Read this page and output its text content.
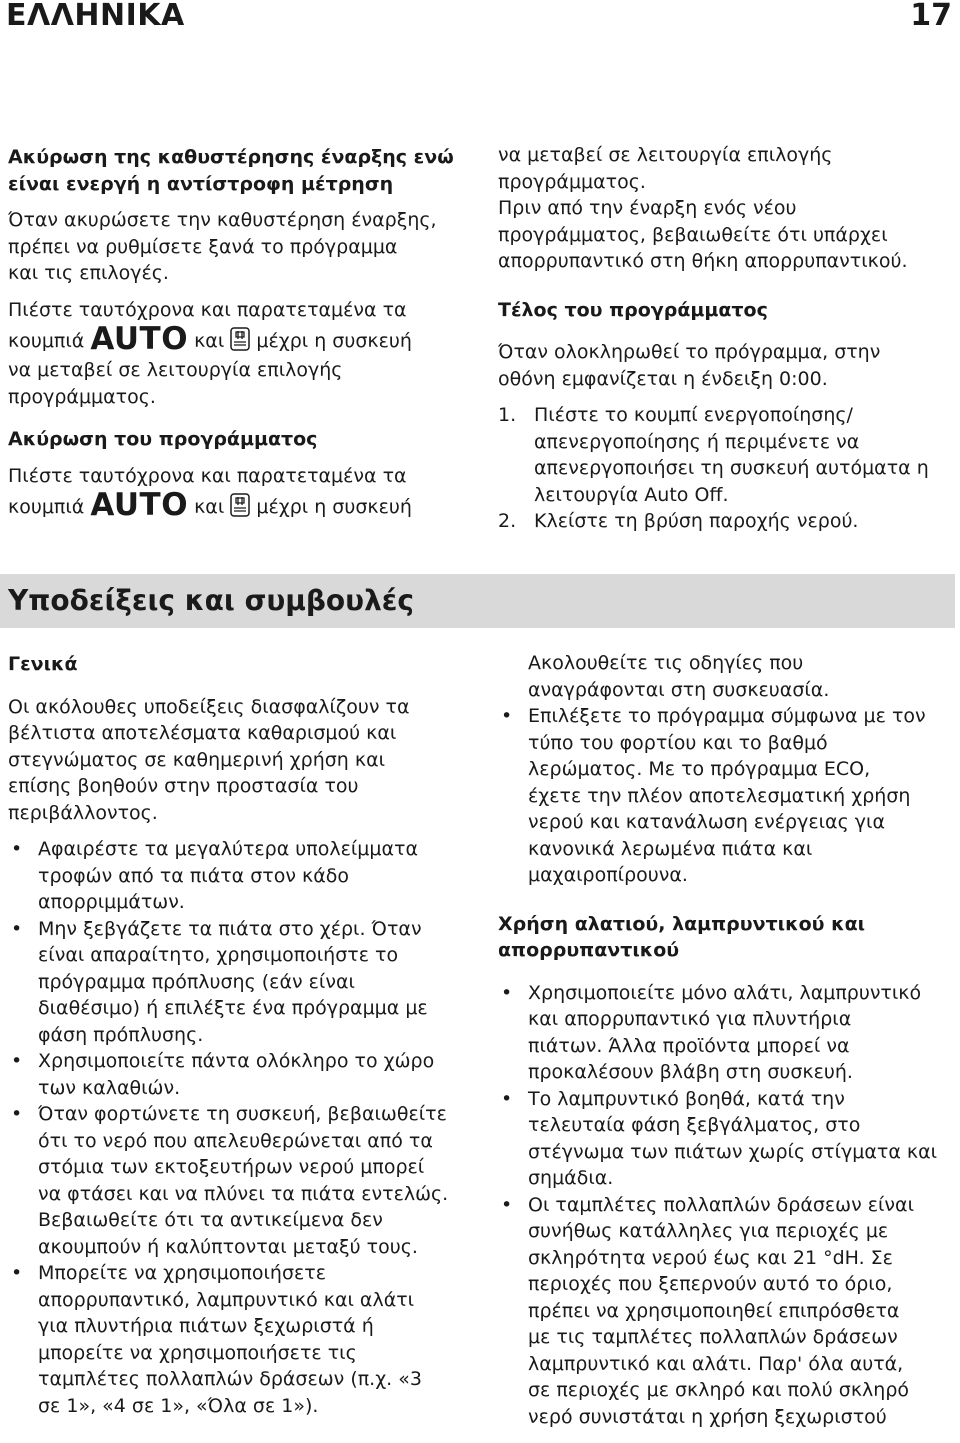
ΕΛΛΗΝΙΚΑ	17

Ακύρωση της καθυστέρησης έναρξης ενώ

είναι ενεργή η αντίστροφη μέτρηση

Όταν ακυρώσετε την καθυστέρηση έναρξης,

πρέπει να ρυθμίσετε ξανά το πρόγραμμα

και τις επιλογές.

Πιέστε ταυτόχρονα και παρατεταμένα τα

κουμπιά AUTO και μέχρι η συσκευή

να μεταβεί σε λειτουργία επιλογής

προγράμματος.

Ακύρωση του προγράμματος

Πιέστε ταυτόχρονα και παρατεταμένα τα

κουμπιά AUTO και μέχρι η συσκευή

να μεταβεί σε λειτουργία επιλογής

προγράμματος.

Πριν από την έναρξη ενός νέου

προγράμματος, βεβαιωθείτε ότι υπάρχει

απορρυπαντικό στη θήκη απορρυπαντικού.

Τέλος του προγράμματος

Όταν ολοκληρωθεί το πρόγραμμα, στην

οθόνη εμφανίζεται η ένδειξη 0:00.

1. Πιέστε το κουμπί ενεργοποίησης/

απενεργοποίησης ή περιμένετε να

απενεργοποιήσει τη συσκευή αυτόματα η

λειτουργία Auto Off.

2. Κλείστε τη βρύση παροχής νερού.

Υποδείξεις και συμβουλές

Γενικά

Οι ακόλουθες υποδείξεις διασφαλίζουν τα

βέλτιστα αποτελέσματα καθαρισμού και

στεγνώματος σε καθημερινή χρήση και

επίσης βοηθούν στην προστασία του

περιβάλλοντος.

• Αφαιρέστε τα μεγαλύτερα υπολείμματα

τροφών από τα πιάτα στον κάδο

απορριμμάτων.

• Μην ξεβγάζετε τα πιάτα στο χέρι. Όταν

είναι απαραίτητο, χρησιμοποιήστε το

πρόγραμμα πρόπλυσης (εάν είναι

διαθέσιμο) ή επιλέξτε ένα πρόγραμμα με

φάση πρόπλυσης.

• Χρησιμοποιείτε πάντα ολόκληρο το χώρο

των καλαθιών.

• Όταν φορτώνετε τη συσκευή, βεβαιωθείτε

ότι το νερό που απελευθερώνεται από τα

στόμια των εκτοξευτήρων νερού μπορεί

να φτάσει και να πλύνει τα πιάτα εντελώς.

Βεβαιωθείτε ότι τα αντικείμενα δεν

ακουμπούν ή καλύπτονται μεταξύ τους.

• Μπορείτε να χρησιμοποιήσετε

απορρυπαντικό, λαμπρυντικό και αλάτι

για πλυντήρια πιάτων ξεχωριστά ή

μπορείτε να χρησιμοποιήσετε τις

ταμπλέτες πολλαπλών δράσεων (π.χ. «3

σε 1», «4 σε 1», «Όλα σε 1»).

Ακολουθείτε τις οδηγίες που

αναγράφονται στη συσκευασία.

• Επιλέξετε το πρόγραμμα σύμφωνα με τον

τύπο του φορτίου και το βαθμό

λερώματος. Με το πρόγραμμα ECO,

έχετε την πλέον αποτελεσματική χρήση

νερού και κατανάλωση ενέργειας για

κανονικά λερωμένα πιάτα και

μαχαιροπίρουνα.

Χρήση αλατιού, λαμπρυντικού και

απορρυπαντικού

• Χρησιμοποιείτε μόνο αλάτι, λαμπρυντικό

και απορρυπαντικό για πλυντήρια

πιάτων. Άλλα προϊόντα μπορεί να

προκαλέσουν βλάβη στη συσκευή.

• Το λαμπρυντικό βοηθά, κατά την

τελευταία φάση ξεβγάλματος, στο

στέγνωμα των πιάτων χωρίς στίγματα και

σημάδια.

• Οι ταμπλέτες πολλαπλών δράσεων είναι

συνήθως κατάλληλες για περιοχές με

σκληρότητα νερού έως και 21 °dH. Σε

περιοχές που ξεπερνούν αυτό το όριο,

πρέπει να χρησιμοποιηθεί επιπρόσθετα

με τις ταμπλέτες πολλαπλών δράσεων

λαμπρυντικό και αλάτι. Παρ' όλα αυτά,

σε περιοχές με σκληρό και πολύ σκληρό

νερό συνιστάται η χρήση ξεχωριστού
